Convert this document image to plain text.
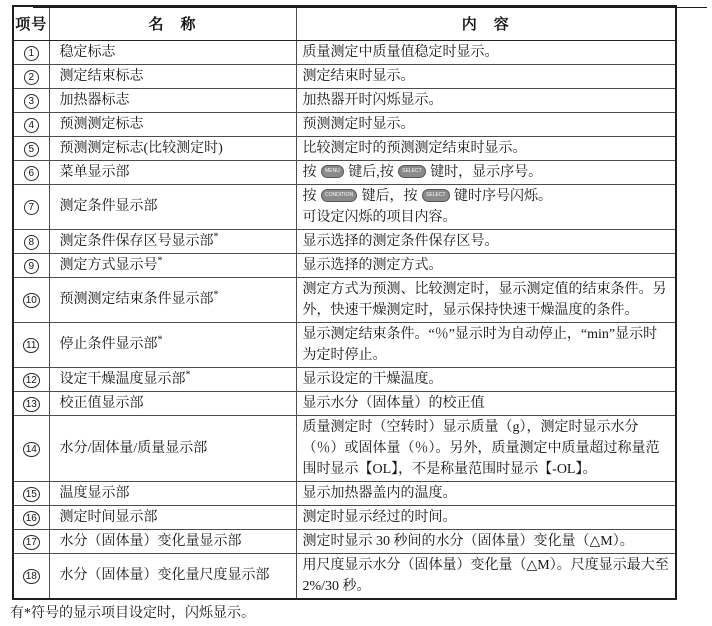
项号	名　称	内　容
1	稳定标志	质量测定中质量值稳定时显示。
2	测定结束标志	测定结束时显示。
3	加热器标志	加热器开时闪烁显示。
4	预测测定标志	预测测定时显示。
5	预测测定标志(比较测定时)	比较测定时的预测测定结束时显示。
6	菜单显示部	按 MENU 键后,按 SELECT 键时，显示序号。
7	测定条件显示部	按 CONDITION 键后，按 SELECT 键时序号闪烁。
可设定闪烁的项目内容。
8	测定条件保存区号显示部*	显示选择的测定条件保存区号。
9	测定方式显示号*	显示选择的测定方式。
10	预测测定结束条件显示部*	测定方式为预测、比较测定时，显示测定值的结束条件。另外，快速干燥测定时，显示保持快速干燥温度的条件。
11	停止条件显示部*	显示测定结束条件。“％”显示时为自动停止，“min”显示时为定时停止。
12	设定干燥温度显示部*	显示设定的干燥温度。
13	校正值显示部	显示水分（固体量）的校正值
14	水分/固体量/质量显示部	质量测定时（空转时）显示质量（g），测定时显示水分（％）或固体量（％）。另外，质量测定中质量超过称量范围时显示【OL】，不是称量范围时显示【-OL】。
15	温度显示部	显示加热器盖内的温度。
16	测定时间显示部	测定时显示经过的时间。
17	水分（固体量）变化量显示部	测定时显示 30 秒间的水分（固体量）变化量（△M）。
18	水分（固体量）变化量尺度显示部	用尺度显示水分（固体量）变化量（△M）。尺度显示最大至 2%/30 秒。
有*符号的显示项目设定时，闪烁显示。
